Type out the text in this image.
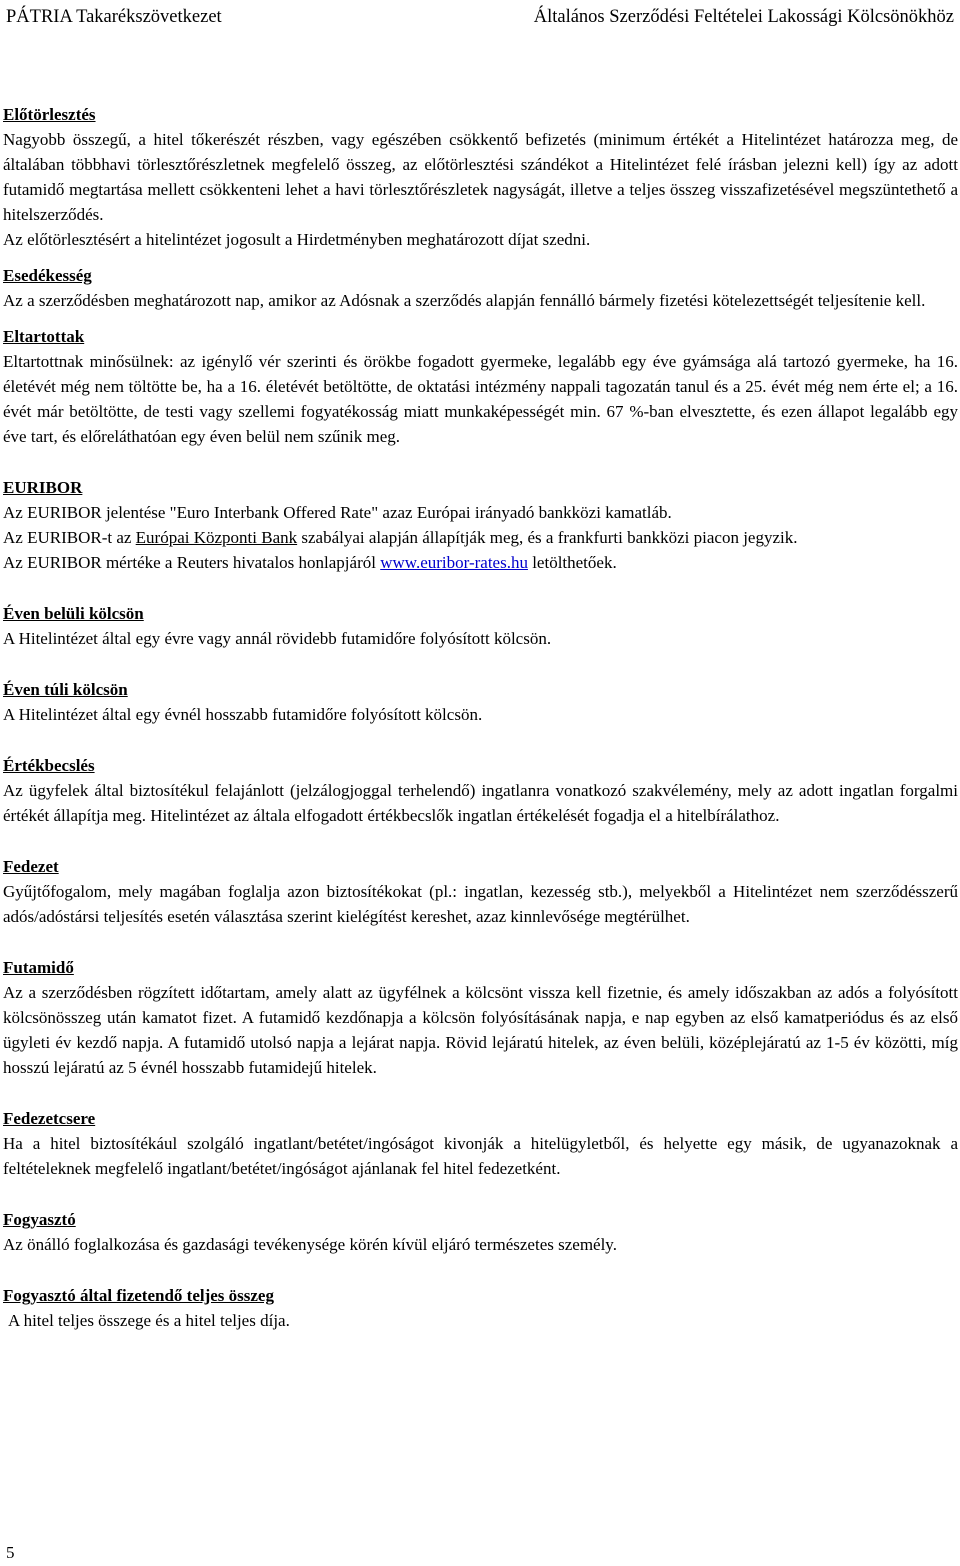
PÁTRIA Takarékszövetkezet	Általános Szerződési Feltételei Lakossági Kölcsönökhöz

Előtörlesztés

Nagyobb összegű, a hitel tőkerészét részben, vagy egészében csökkentő befizetés (minimum értékét a Hitelintézet határozza meg, de általában többhavi törlesztőrészletnek megfelelő összeg, az előtörlesztési szándékot a Hitelintézet felé írásban jelezni kell) így az adott futamidő megtartása mellett csökkenteni lehet a havi törlesztőrészletek nagyságát, illetve a teljes összeg visszafizetésével megszüntethető a hitelszerződés.

Az előtörlesztésért a hitelintézet jogosult a Hirdetményben meghatározott díjat szedni.

Esedékesség

Az a szerződésben meghatározott nap, amikor az Adósnak a szerződés alapján fennálló bármely fizetési kötelezettségét teljesítenie kell.

Eltartottak

Eltartottnak minősülnek: az igénylő vér szerinti és örökbe fogadott gyermeke, legalább egy éve gyámsága alá tartozó gyermeke, ha 16. életévét még nem töltötte be, ha a 16. életévét betöltötte, de oktatási intézmény nappali tagozatán tanul és a 25. évét még nem érte el; a 16. évét már betöltötte, de testi vagy szellemi fogyatékosság miatt munkaképességét min. 67 %-ban elvesztette, és ezen állapot legalább egy éve tart, és előreláthatóan egy éven belül nem szűnik meg.

EURIBOR

Az EURIBOR jelentése "Euro Interbank Offered Rate" azaz Európai irányadó bankközi kamatláb.

Az EURIBOR-t az Európai Központi Bank szabályai alapján állapítják meg, és a frankfurti bankközi piacon jegyzik.

Az EURIBOR mértéke a Reuters hivatalos honlapjáról www.euribor-rates.hu letölthetőek.

Éven belüli kölcsön

A Hitelintézet által egy évre vagy annál rövidebb futamidőre folyósított kölcsön.

Éven túli kölcsön

A Hitelintézet által egy évnél hosszabb futamidőre folyósított kölcsön.

Értékbecslés

Az ügyfelek által biztosítékul felajánlott (jelzálogjoggal terhelendő) ingatlanra vonatkozó szakvélemény, mely az adott ingatlan forgalmi értékét állapítja meg. Hitelintézet az általa elfogadott értékbecslők ingatlan értékelését fogadja el a hitelbírálathoz.

Fedezet

Gyűjtőfogalom, mely magában foglalja azon biztosítékokat (pl.: ingatlan, kezesség stb.), melyekből a Hitelintézet nem szerződésszerű adós/adóstársi teljesítés esetén választása szerint kielégítést kereshet, azaz kinnlevősége megtérülhet.

Futamidő

Az a szerződésben rögzített időtartam, amely alatt az ügyfélnek a kölcsönt vissza kell fizetnie, és amely időszakban az adós a folyósított kölcsönösszeg után kamatot fizet. A futamidő kezdőnapja a kölcsön folyósításának napja, e nap egyben az első kamatperiódus és az első ügyleti év kezdő napja. A futamidő utolsó napja a lejárat napja. Rövid lejáratú hitelek, az éven belüli, középlejáratú az 1-5 év közötti, míg hosszú lejáratú az 5 évnél hosszabb futamidejű hitelek.

Fedezetcsere

Ha a hitel biztosítékául szolgáló ingatlant/betétet/ingóságot kivonják a hitelügyletből, és helyette egy másik, de ugyanazoknak a feltételeknek megfelelő ingatlant/betétet/ingóságot ajánlanak fel hitel fedezetként.

Fogyasztó

Az önálló foglalkozása és gazdasági tevékenysége körén kívül eljáró természetes személy.

Fogyasztó által fizetendő teljes összeg

A hitel teljes összege és a hitel teljes díja.

5
